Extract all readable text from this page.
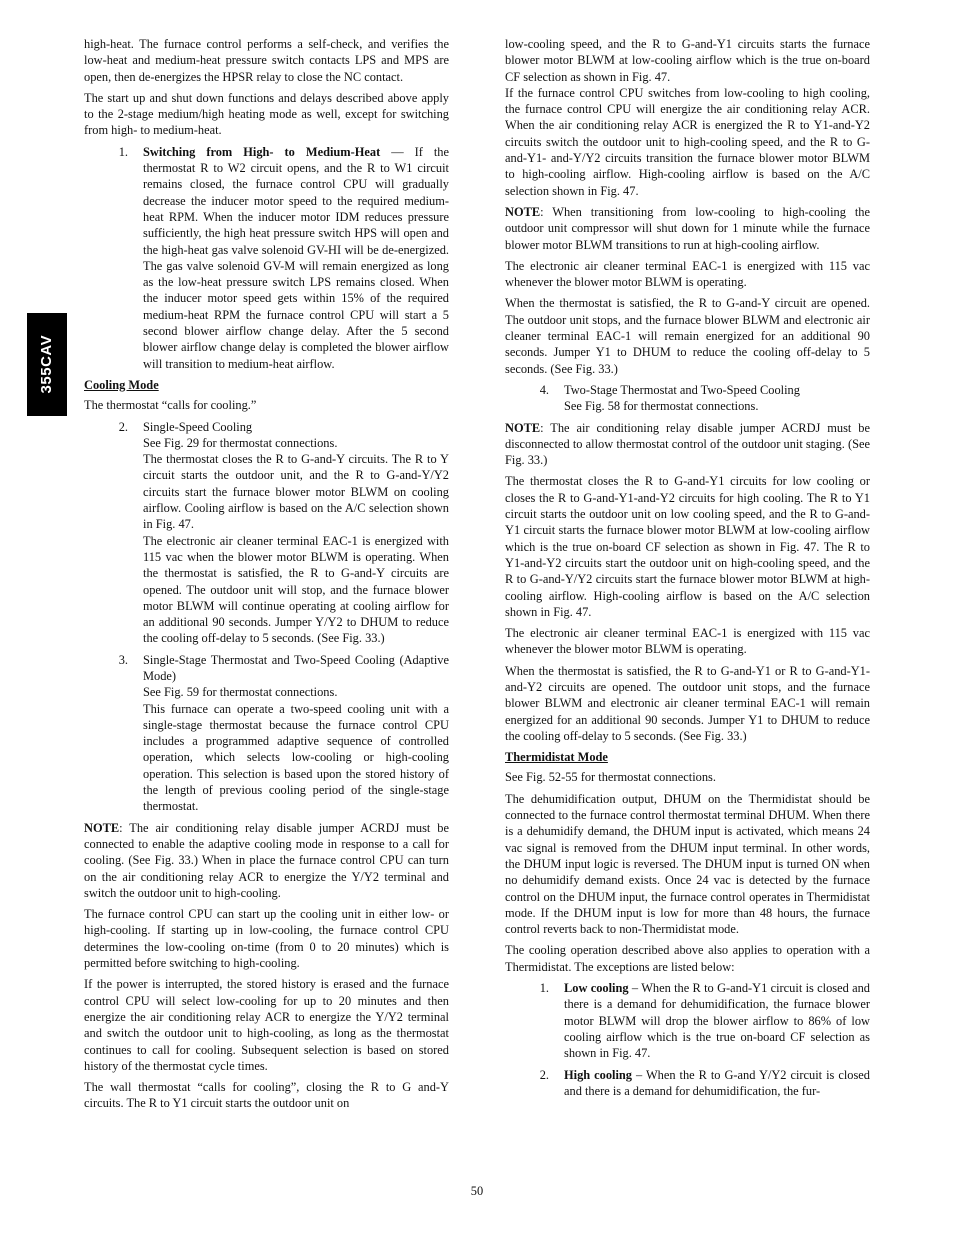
355CAV

high-heat. The furnace control performs a self-check, and verifies the low-heat and medium-heat pressure switch contacts LPS and MPS are open, then de-energizes the HPSR relay to close the NC contact.

The start up and shut down functions and delays described above apply to the 2-stage medium/high heating mode as well, except for switching from high- to medium-heat.

1.	Switching from High- to Medium-Heat — If the thermostat R to W2 circuit opens, and the R to W1 circuit remains closed, the furnace control CPU will gradually decrease the inducer motor speed to the required medium-heat RPM. When the inducer motor IDM reduces pressure sufficiently, the high heat pressure switch HPS will open and the high-heat gas valve solenoid GV-HI will be de-energized. The gas valve solenoid GV-M will remain energized as long as the low-heat pressure switch LPS remains closed. When the inducer motor speed gets within 15% of the required medium-heat RPM the furnace control CPU will start a 5 second blower airflow change delay. After the 5 second blower airflow change delay is completed the blower airflow will transition to medium-heat airflow.
Cooling Mode

The thermostat “calls for cooling.”

2.	Single-Speed Cooling
See Fig. 29 for thermostat connections.
The thermostat closes the R to G-and-Y circuits. The R to Y circuit starts the outdoor unit, and the R to G-and-Y/Y2 circuits start the furnace blower motor BLWM on cooling airflow. Cooling airflow is based on the A/C selection shown in Fig. 47.
The electronic air cleaner terminal EAC-1 is energized with 115 vac when the blower motor BLWM is operating. When the thermostat is satisfied, the R to G-and-Y circuits are opened. The outdoor unit will stop, and the furnace blower motor BLWM will continue operating at cooling airflow for an additional 90 seconds. Jumper Y/Y2 to DHUM to reduce the cooling off-delay to 5 seconds. (See Fig. 33.)
3.	Single-Stage Thermostat and Two-Speed Cooling (Adaptive Mode)
See Fig. 59 for thermostat connections.
This furnace can operate a two-speed cooling unit with a single-stage thermostat because the furnace control CPU includes a programmed adaptive sequence of controlled operation, which selects low-cooling or high-cooling operation. This selection is based upon the stored history of the length of previous cooling period of the single-stage thermostat.

NOTE: The air conditioning relay disable jumper ACRDJ must be connected to enable the adaptive cooling mode in response to a call for cooling. (See Fig. 33.) When in place the furnace control CPU can turn on the air conditioning relay ACR to energize the Y/Y2 terminal and switch the outdoor unit to high-cooling.

The furnace control CPU can start up the cooling unit in either low- or high-cooling. If starting up in low-cooling, the furnace control CPU determines the low-cooling on-time (from 0 to 20 minutes) which is permitted before switching to high-cooling.

If the power is interrupted, the stored history is erased and the furnace control CPU will select low-cooling for up to 20 minutes and then energize the air conditioning relay ACR to energize the Y/Y2 terminal and switch the outdoor unit to high-cooling, as long as the thermostat continues to call for cooling. Subsequent selection is based on stored history of the thermostat cycle times.

The wall thermostat “calls for cooling”, closing the R to G and-Y circuits. The R to Y1 circuit starts the outdoor unit on

low-cooling speed, and the R to G-and-Y1 circuits starts the furnace blower motor BLWM at low-cooling airflow which is the true on-board CF selection as shown in Fig. 47.

If the furnace control CPU switches from low-cooling to high cooling, the furnace control CPU will energize the air conditioning relay ACR. When the air conditioning relay ACR is energized the R to Y1-and-Y2 circuits switch the outdoor unit to high-cooling speed, and the R to G-and-Y1- and-Y/Y2 circuits transition the furnace blower motor BLWM to high-cooling airflow. High-cooling airflow is based on the A/C selection shown in Fig. 47.

NOTE: When transitioning from low-cooling to high-cooling the outdoor unit compressor will shut down for 1 minute while the furnace blower motor BLWM transitions to run at high-cooling airflow.

The electronic air cleaner terminal EAC-1 is energized with 115 vac whenever the blower motor BLWM is operating.

When the thermostat is satisfied, the R to G-and-Y circuit are opened. The outdoor unit stops, and the furnace blower BLWM and electronic air cleaner terminal EAC-1 will remain energized for an additional 90 seconds. Jumper Y1 to DHUM to reduce the cooling off-delay to 5 seconds. (See Fig. 33.)

4.	Two-Stage Thermostat and Two-Speed Cooling
See Fig. 58 for thermostat connections.

NOTE: The air conditioning relay disable jumper ACRDJ must be disconnected to allow thermostat control of the outdoor unit staging. (See Fig. 33.)

The thermostat closes the R to G-and-Y1 circuits for low cooling or closes the R to G-and-Y1-and-Y2 circuits for high cooling. The R to Y1 circuit starts the outdoor unit on low cooling speed, and the R to G-and-Y1 circuit starts the furnace blower motor BLWM at low-cooling airflow which is the true on-board CF selection as shown in Fig. 47. The R to Y1-and-Y2 circuits start the outdoor unit on high-cooling speed, and the R to G-and-Y/Y2 circuits start the furnace blower motor BLWM at high-cooling airflow. High-cooling airflow is based on the A/C selection shown in Fig. 47.

The electronic air cleaner terminal EAC-1 is energized with 115 vac whenever the blower motor BLWM is operating.

When the thermostat is satisfied, the R to G-and-Y1 or R to G-and-Y1-and-Y2 circuits are opened. The outdoor unit stops, and the furnace blower BLWM and electronic air cleaner terminal EAC-1 will remain energized for an additional 90 seconds. Jumper Y1 to DHUM to reduce the cooling off-delay to 5 seconds. (See Fig. 33.)

Thermidistat Mode

See Fig. 52-55 for thermostat connections.

The dehumidification output, DHUM on the Thermidistat should be connected to the furnace control thermostat terminal DHUM. When there is a dehumidify demand, the DHUM input is activated, which means 24 vac signal is removed from the DHUM input terminal. In other words, the DHUM input logic is reversed. The DHUM input is turned ON when no dehumidify demand exists. Once 24 vac is detected by the furnace control on the DHUM input, the furnace control operates in Thermidistat mode. If the DHUM input is low for more than 48 hours, the furnace control reverts back to non-Thermidistat mode.

The cooling operation described above also applies to operation with a Thermidistat. The exceptions are listed below:

1.	Low cooling – When the R to G-and-Y1 circuit is closed and there is a demand for dehumidification, the furnace blower motor BLWM will drop the blower airflow to 86% of low cooling airflow which is the true on-board CF selection as shown in Fig. 47.
2.	High cooling – When the R to G-and Y/Y2 circuit is closed and there is a demand for dehumidification, the fur-
50
